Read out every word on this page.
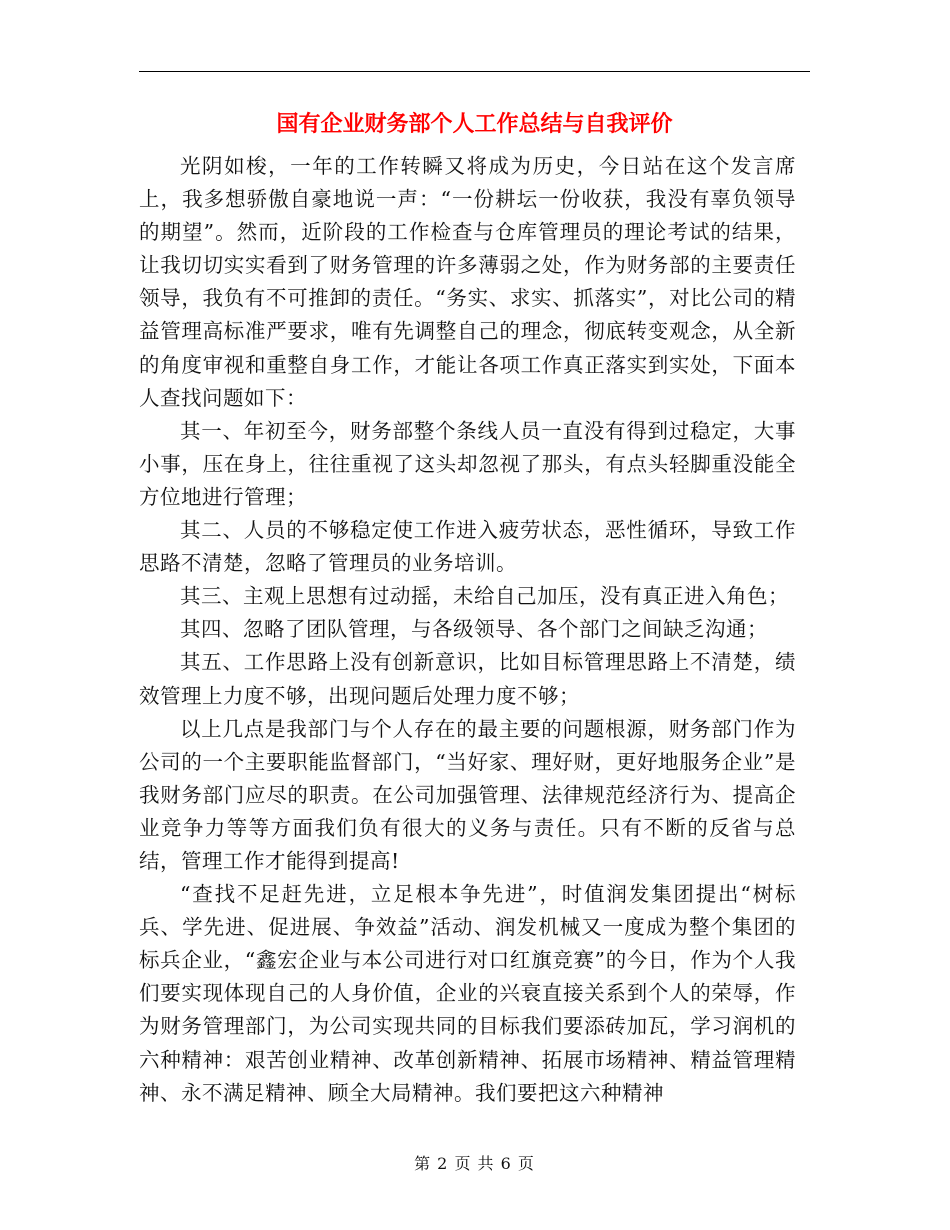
国有企业财务部个人工作总结与自我评价

光阴如梭，一年的工作转瞬又将成为历史，今日站在这个发言席上，我多想骄傲自豪地说一声：“一份耕坛一份收获，我没有辜负领导的期望”。然而，近阶段的工作检查与仓库管理员的理论考试的结果，让我切切实实看到了财务管理的许多薄弱之处，作为财务部的主要责任领导，我负有不可推卸的责任。“务实、求实、抓落实”，对比公司的精益管理高标准严要求，唯有先调整自己的理念，彻底转变观念，从全新的角度审视和重整自身工作，才能让各项工作真正落实到实处，下面本人查找问题如下：

其一、年初至今，财务部整个条线人员一直没有得到过稳定，大事小事，压在身上，往往重视了这头却忽视了那头，有点头轻脚重没能全方位地进行管理；

其二、人员的不够稳定使工作进入疲劳状态，恶性循环，导致工作思路不清楚，忽略了管理员的业务培训。

其三、主观上思想有过动摇，未给自己加压，没有真正进入角色；

其四、忽略了团队管理，与各级领导、各个部门之间缺乏沟通；

其五、工作思路上没有创新意识，比如目标管理思路上不清楚，绩效管理上力度不够，出现问题后处理力度不够；

以上几点是我部门与个人存在的最主要的问题根源，财务部门作为公司的一个主要职能监督部门，“当好家、理好财，更好地服务企业”是我财务部门应尽的职责。在公司加强管理、法律规范经济行为、提高企业竞争力等等方面我们负有很大的义务与责任。只有不断的反省与总结，管理工作才能得到提高!

“查找不足赶先进，立足根本争先进”，时值润发集团提出“树标兵、学先进、促进展、争效益”活动、润发机械又一度成为整个集团的标兵企业，“鑫宏企业与本公司进行对口红旗竞赛”的今日，作为个人我们要实现体现自己的人身价值，企业的兴衰直接关系到个人的荣辱，作为财务管理部门，为公司实现共同的目标我们要添砖加瓦，学习润机的六种精神：艰苦创业精神、改革创新精神、拓展市场精神、精益管理精神、永不满足精神、顾全大局精神。我们要把这六种精神

第 2 页 共 6 页
